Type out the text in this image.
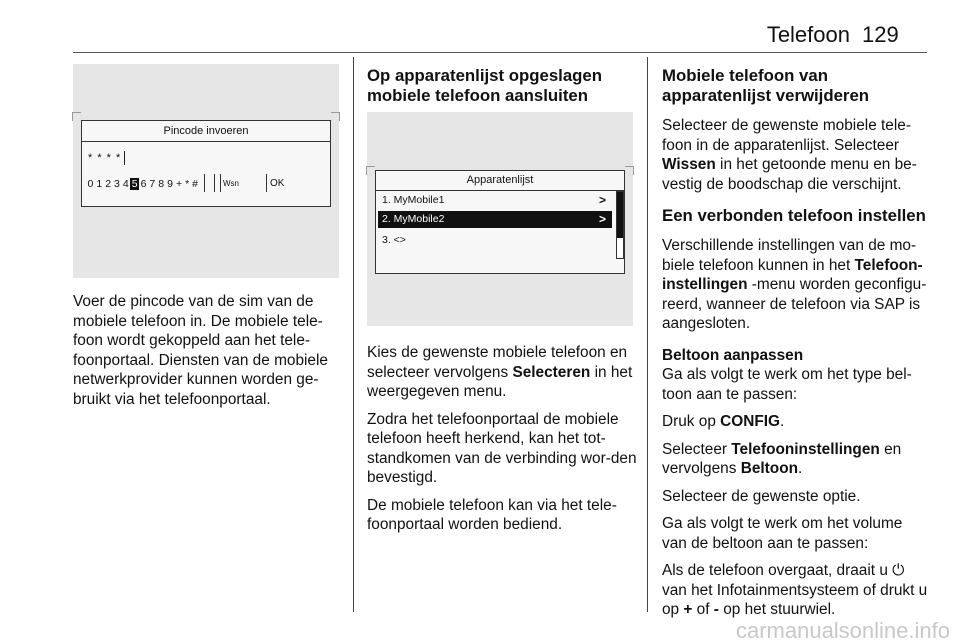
Telefoon 129
Pincode invoeren
* * * *
0 1 2 3 4 5 6 7 8 9 + * #	Wsn	OK

Voer de pincode van de sim van de mobiele telefoon in. De mobiele tele-foon wordt gekoppeld aan het tele-foonportaal. Diensten van de mobiele netwerkprovider kunnen worden ge-bruikt via het telefoonportaal.

Op apparatenlijst opgeslagen mobiele telefoon aansluiten
Apparatenlijst
1. MyMobile1	>
2. MyMobile2	>
3. <>

Kies de gewenste mobiele telefoon en selecteer vervolgens Selecteren in het weergegeven menu.

Zodra het telefoonportaal de mobiele telefoon heeft herkend, kan het tot-standkomen van de verbinding wor-den bevestigd.

De mobiele telefoon kan via het tele-foonportaal worden bediend.

Mobiele telefoon van apparatenlijst verwijderen

Selecteer de gewenste mobiele tele-foon in de apparatenlijst. Selecteer Wissen in het getoonde menu en be-vestig de boodschap die verschijnt.

Een verbonden telefoon instellen

Verschillende instellingen van de mo-biele telefoon kunnen in het Telefoon-instellingen -menu worden geconfigu-reerd, wanneer de telefoon via SAP is aangesloten.

Beltoon aanpassen

Ga als volgt te werk om het type bel-toon aan te passen:

Druk op CONFIG.

Selecteer Telefooninstellingen en vervolgens Beltoon.

Selecteer de gewenste optie.

Ga als volgt te werk om het volume van de beltoon aan te passen:

Als de telefoon overgaat, draait u ⏻ van het Infotainmentsysteem of drukt u op + of - op het stuurwiel.

carmanualsonline.info
